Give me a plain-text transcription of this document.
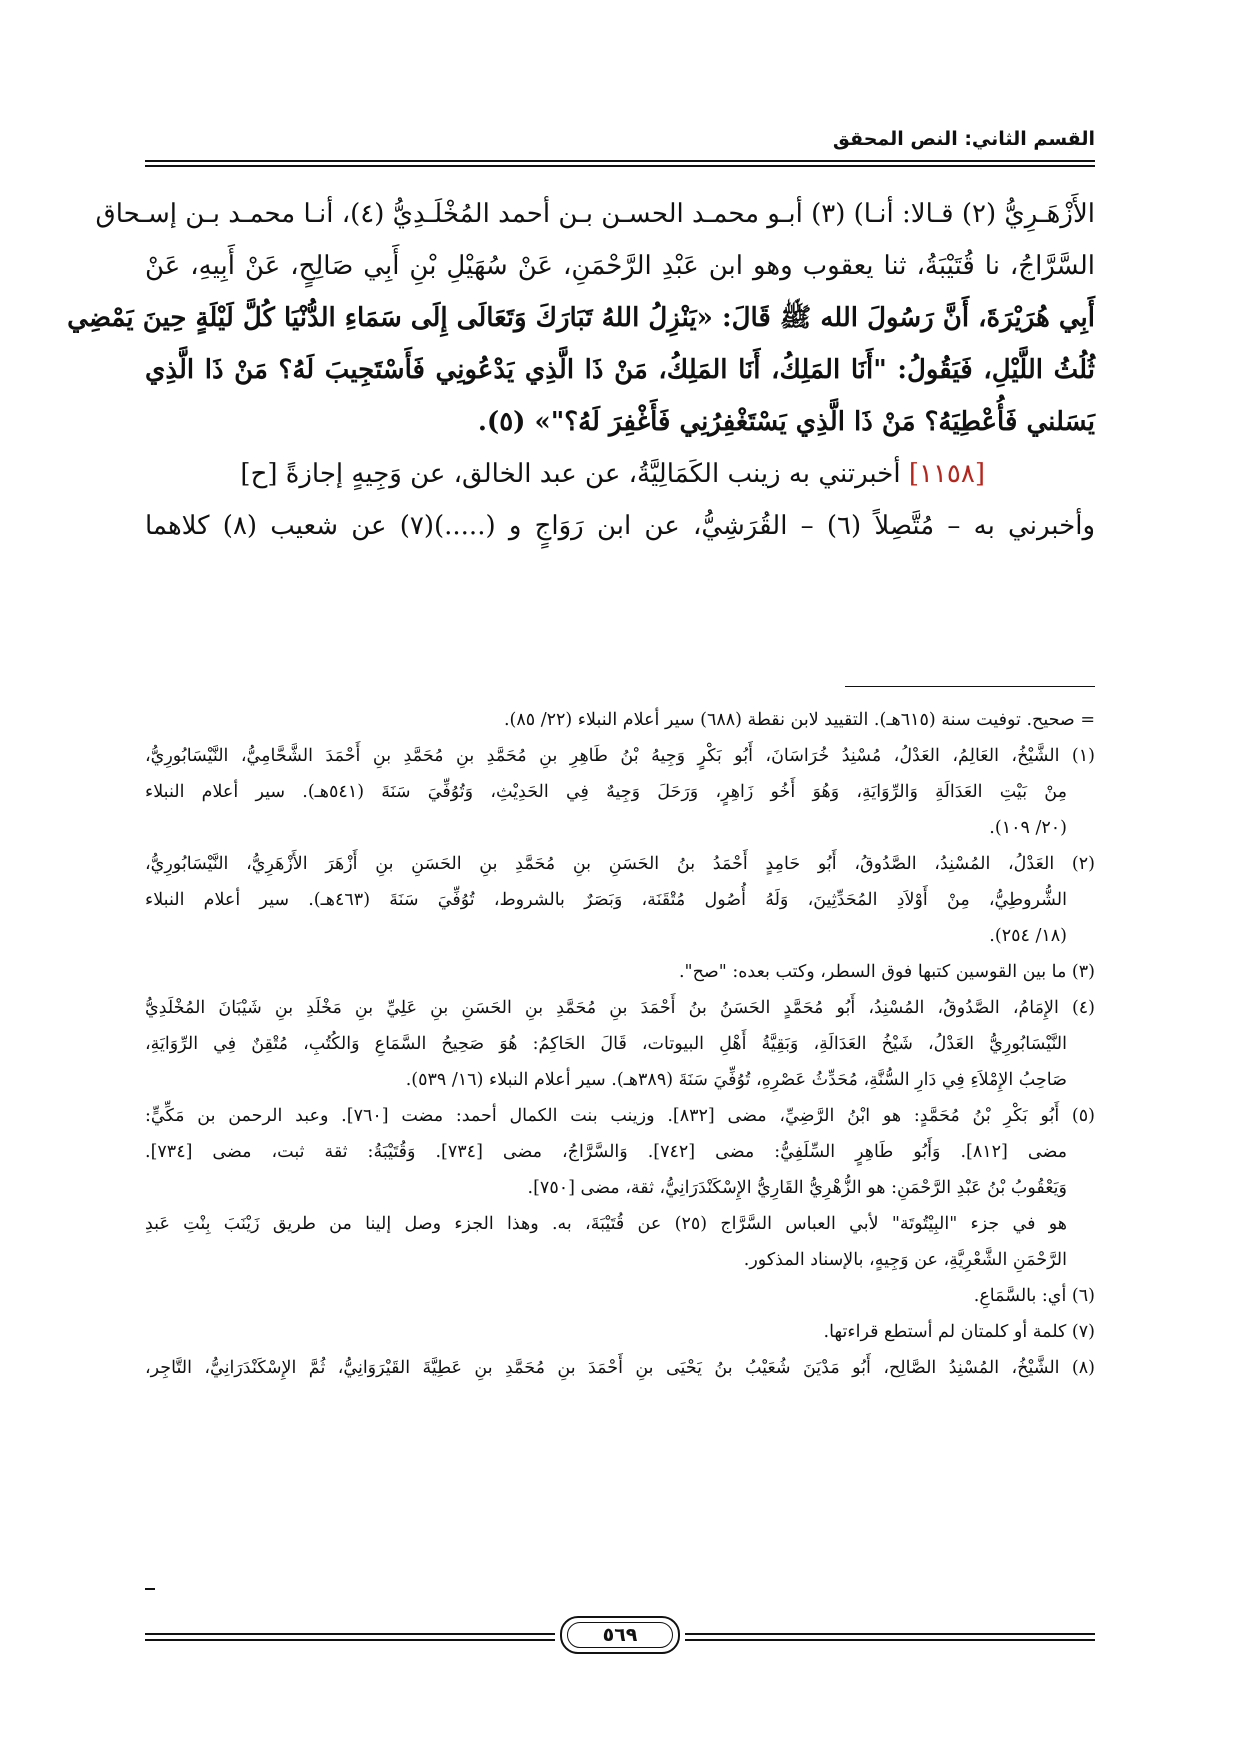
القسم الثاني: النص المحقق
الأَزْهَـرِيُّ (٢) قـالا: أنـا) (٣) أبـو محمـد الحسـن بـن أحمد المُخْلَـدِيُّ (٤)، أنـا محمـد بـن إسـحاق
السَّرَّاجُ، نا قُتَيْبَةُ، ثنا يعقوب وهو ابن عَبْدِ الرَّحْمَنِ، عَنْ سُهَيْلِ بْنِ أَبِي صَالِحٍ، عَنْ أَبِيهِ، عَنْ
أَبِي هُرَيْرَةَ، أَنَّ رَسُولَ الله ﷺ قَالَ: «يَنْزِلُ اللهُ تَبَارَكَ وَتَعَالَى إِلَى سَمَاءِ الدُّنْيَا كُلَّ لَيْلَةٍ حِينَ يَمْضِي
ثُلُثُ اللَّيْلِ، فَيَقُولُ: "أَنَا المَلِكُ، أَنَا المَلِكُ، مَنْ ذَا الَّذِي يَدْعُونِي فَأَسْتَجِيبَ لَهُ؟ مَنْ ذَا الَّذِي
يَسَلني فَأُعْطِيَهُ؟ مَنْ ذَا الَّذِي يَسْتَغْفِرُنِي فَأَغْفِرَ لَهُ؟"» (٥).
[١١٥٨] أخبرتني به زينب الكَمَالِيَّةُ، عن عبد الخالق، عن وَجِيهٍ إجازةً [ح]
وأخبرني به – مُتَّصِلاً (٦) – القُرَشِيُّ، عن ابن رَوَاجٍ و (.....)(٧) عن شعيب (٨) كلاهما
= صحيح. توفيت سنة (٦١٥هـ). التقييد لابن نقطة (٦٨٨) سير أعلام النبلاء (٢٢/ ٨٥).
(١) الشَّيْخُ، العَالِمُ، العَدْلُ، مُسْنِدُ خُرَاسَانَ، أَبُو بَكْرٍ وَجِيهُ بْنُ طَاهِرِ بنِ مُحَمَّدِ بنِ مُحَمَّدِ بنِ أَحْمَدَ الشَّحَّامِيُّ، النَّيْسَابُورِيُّ،
مِنْ بَيْتِ العَدَالَةِ وَالرِّوَايَةِ، وَهُوَ أَخُو زَاهِرٍ، وَرَحَلَ وَجِيهٌ فِي الحَدِيْثِ، وَتُوُفِّيَ سَنَةَ (٥٤١هـ). سير أعلام النبلاء
(٢٠/ ١٠٩).
(٢) العَدْلُ، المُسْنِدُ، الصَّدُوقُ، أَبُو حَامِدٍ أَحْمَدُ بنُ الحَسَنِ بنِ مُحَمَّدِ بنِ الحَسَنِ بنِ أَزْهَرَ الأَزْهَرِيُّ، النَّيْسَابُورِيُّ،
الشُّروطِيُّ، مِنْ أَوْلاَدِ المُحَدِّثِينَ، وَلَهُ أُصُول مُتْقَنَة، وَبَصَرٌ بالشروط، تُوُفِّيَ سَنَةَ (٤٦٣هـ). سير أعلام النبلاء
(١٨/ ٢٥٤).
(٣) ما بين القوسين كتبها فوق السطر، وكتب بعده: "صح".
(٤) الإِمَامُ، الصَّدُوقُ، المُسْنِدُ، أَبُو مُحَمَّدٍ الحَسَنُ بنُ أَحْمَدَ بنِ مُحَمَّدِ بنِ الحَسَنِ بنِ عَلِيِّ بنِ مَخْلَدِ بنِ شَيْبَانَ المُخْلَدِيُّ
النَّيْسَابُورِيُّ العَدْلُ، شَيْخُ العَدَالَةِ، وَبَقِيَّةُ أَهْلِ البيوتات، قَالَ الحَاكِمُ: هُوَ صَحِيحُ السَّمَاعِ وَالكُتُبِ، مُتْقِنٌ فِي الرِّوَايَةِ،
صَاحِبُ الإِمْلاَءِ فِي دَارِ السُّنَّةِ، مُحَدِّثُ عَصْرِهِ، تُوُفِّيَ سَنَةَ (٣٨٩هـ). سير أعلام النبلاء (١٦/ ٥٣٩).
(٥) أَبُو بَكْرِ بْنُ مُحَمَّدٍ: هو ابْنُ الرَّضِيِّ، مضى [٨٣٢]. وزينب بنت الكمال أحمد: مضت [٧٦٠]. وعبد الرحمن بن مَكِّيٍّ:
مضى [٨١٢]. وَأَبُو طَاهِرٍ السِّلَفِيُّ: مضى [٧٤٢]. وَالسَّرَّاجُ، مضى [٧٣٤]. وَقُتَيْبَةُ: ثقة ثبت، مضى [٧٣٤].
وَيَعْقُوبُ بْنُ عَبْدِ الرَّحْمَنِ: هو الزُّهْرِيُّ القَارِيُّ الإِسْكَنْدَرَانِيُّ، ثقة، مضى [٧٥٠].
هو في جزء "البِيْتُوتَة" لأبي العباس السَّرَّاج (٢٥) عن قُتَيْبَةَ، به. وهذا الجزء وصل إلينا من طريق زَيْنَبَ بِنْتِ عَبدِ
الرَّحْمَنِ الشَّعْرِيَّةِ، عن وَجِيهٍ، بالإسناد المذكور.
(٦) أي: بالسَّمَاعِ.
(٧) كلمة أو كلمتان لم أستطع قراءتها.
(٨) الشَّيْخُ، المُسْنِدُ الصَّالِح، أَبُو مَدْيَنَ شُعَيْبُ بنُ يَحْيَى بنِ أَحْمَدَ بنِ مُحَمَّدِ بنِ عَطِيَّةَ القَيْرَوَانِيُّ، ثُمَّ الإِسْكَنْدَرَانِيُّ، التَّاجِر،
٥٦٩
